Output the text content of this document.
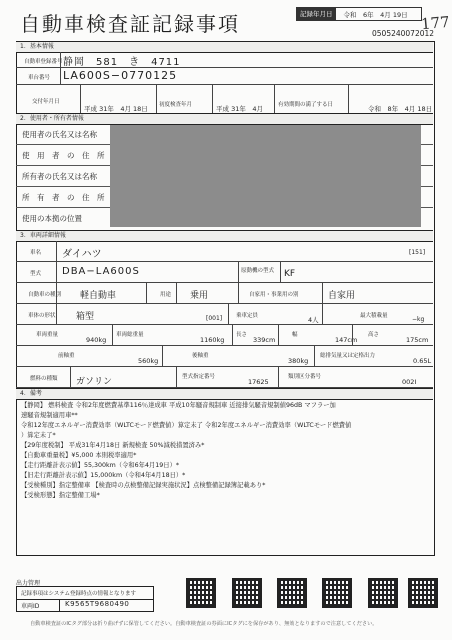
自動車検査証記録事項	記録年月日	令和　6年　4月 19日 177
0505240072012
1．基本情報
自動車登録番号 静岡　581　き　4711
車台番号 LA600S−0770125
交付年月日
平成 31年　4月 18日 初度検査年月	平成 31年　4月	有効期間の満了する日	令和　8年　4月 18日
2．使用者・所有者情報
使用者の氏名又は名称
使　用　者　の　住　所
所有者の氏名又は名称
所　有　者　の　住　所
使用の本拠の位置
3．車両詳細情報
車名 ダイハツ	[151]
型式 DBA−LA600S	原動機の型式 KF
自動車の種別 軽自動車	用途 乗用	自家用・事業用の別	自家用
車体の形状 箱型	[001]	乗車定員	4人	最大積載量	−kg
車両重量
940kg
車両総重量
1160kg
長さ
339cm
幅
147cm
高さ
175cm
前軸重
560kg
後軸重
380kg
総排気量又は定格出力
0.65L
燃料の種類 ガソリン	型式指定番号
17625
類別区分番号
002I
4．備考
【静岡】 燃料検査 令和2年度燃費基準116％達成車 平成10年騒音規制車 近接排気騒音規制値96dB マフラー加
速騒音規制適用車**
令和12年度エネルギー消費効率（WLTCモード燃費値）算定未了 令和2年度エネルギー消費効率（WLTCモード燃費値
）算定未了*
【29年度税制】 平成31年4月18日 新規検査 50%減税措置済み*
【自動車重量税】¥5,000 本則税率適用*
【走行距離計表示値】55,300km（令和6年4月19日）*
【旧走行距離計表示値】15,000km（令和4年4月18日）*
【受検種別】指定整備車 【検査時の点検整備記録実施状況】点検整備記録簿記載あり*
【受検形態】指定整備工場*
出力管理
記録事項はシステム登録時点の情報となります
車両ID	K9565T9680490
自動車検査証のICタグ部分は折り曲げずに保管してください。自動車検査証の券面にICタグにを保存があり、無効となりますので注意してください。
